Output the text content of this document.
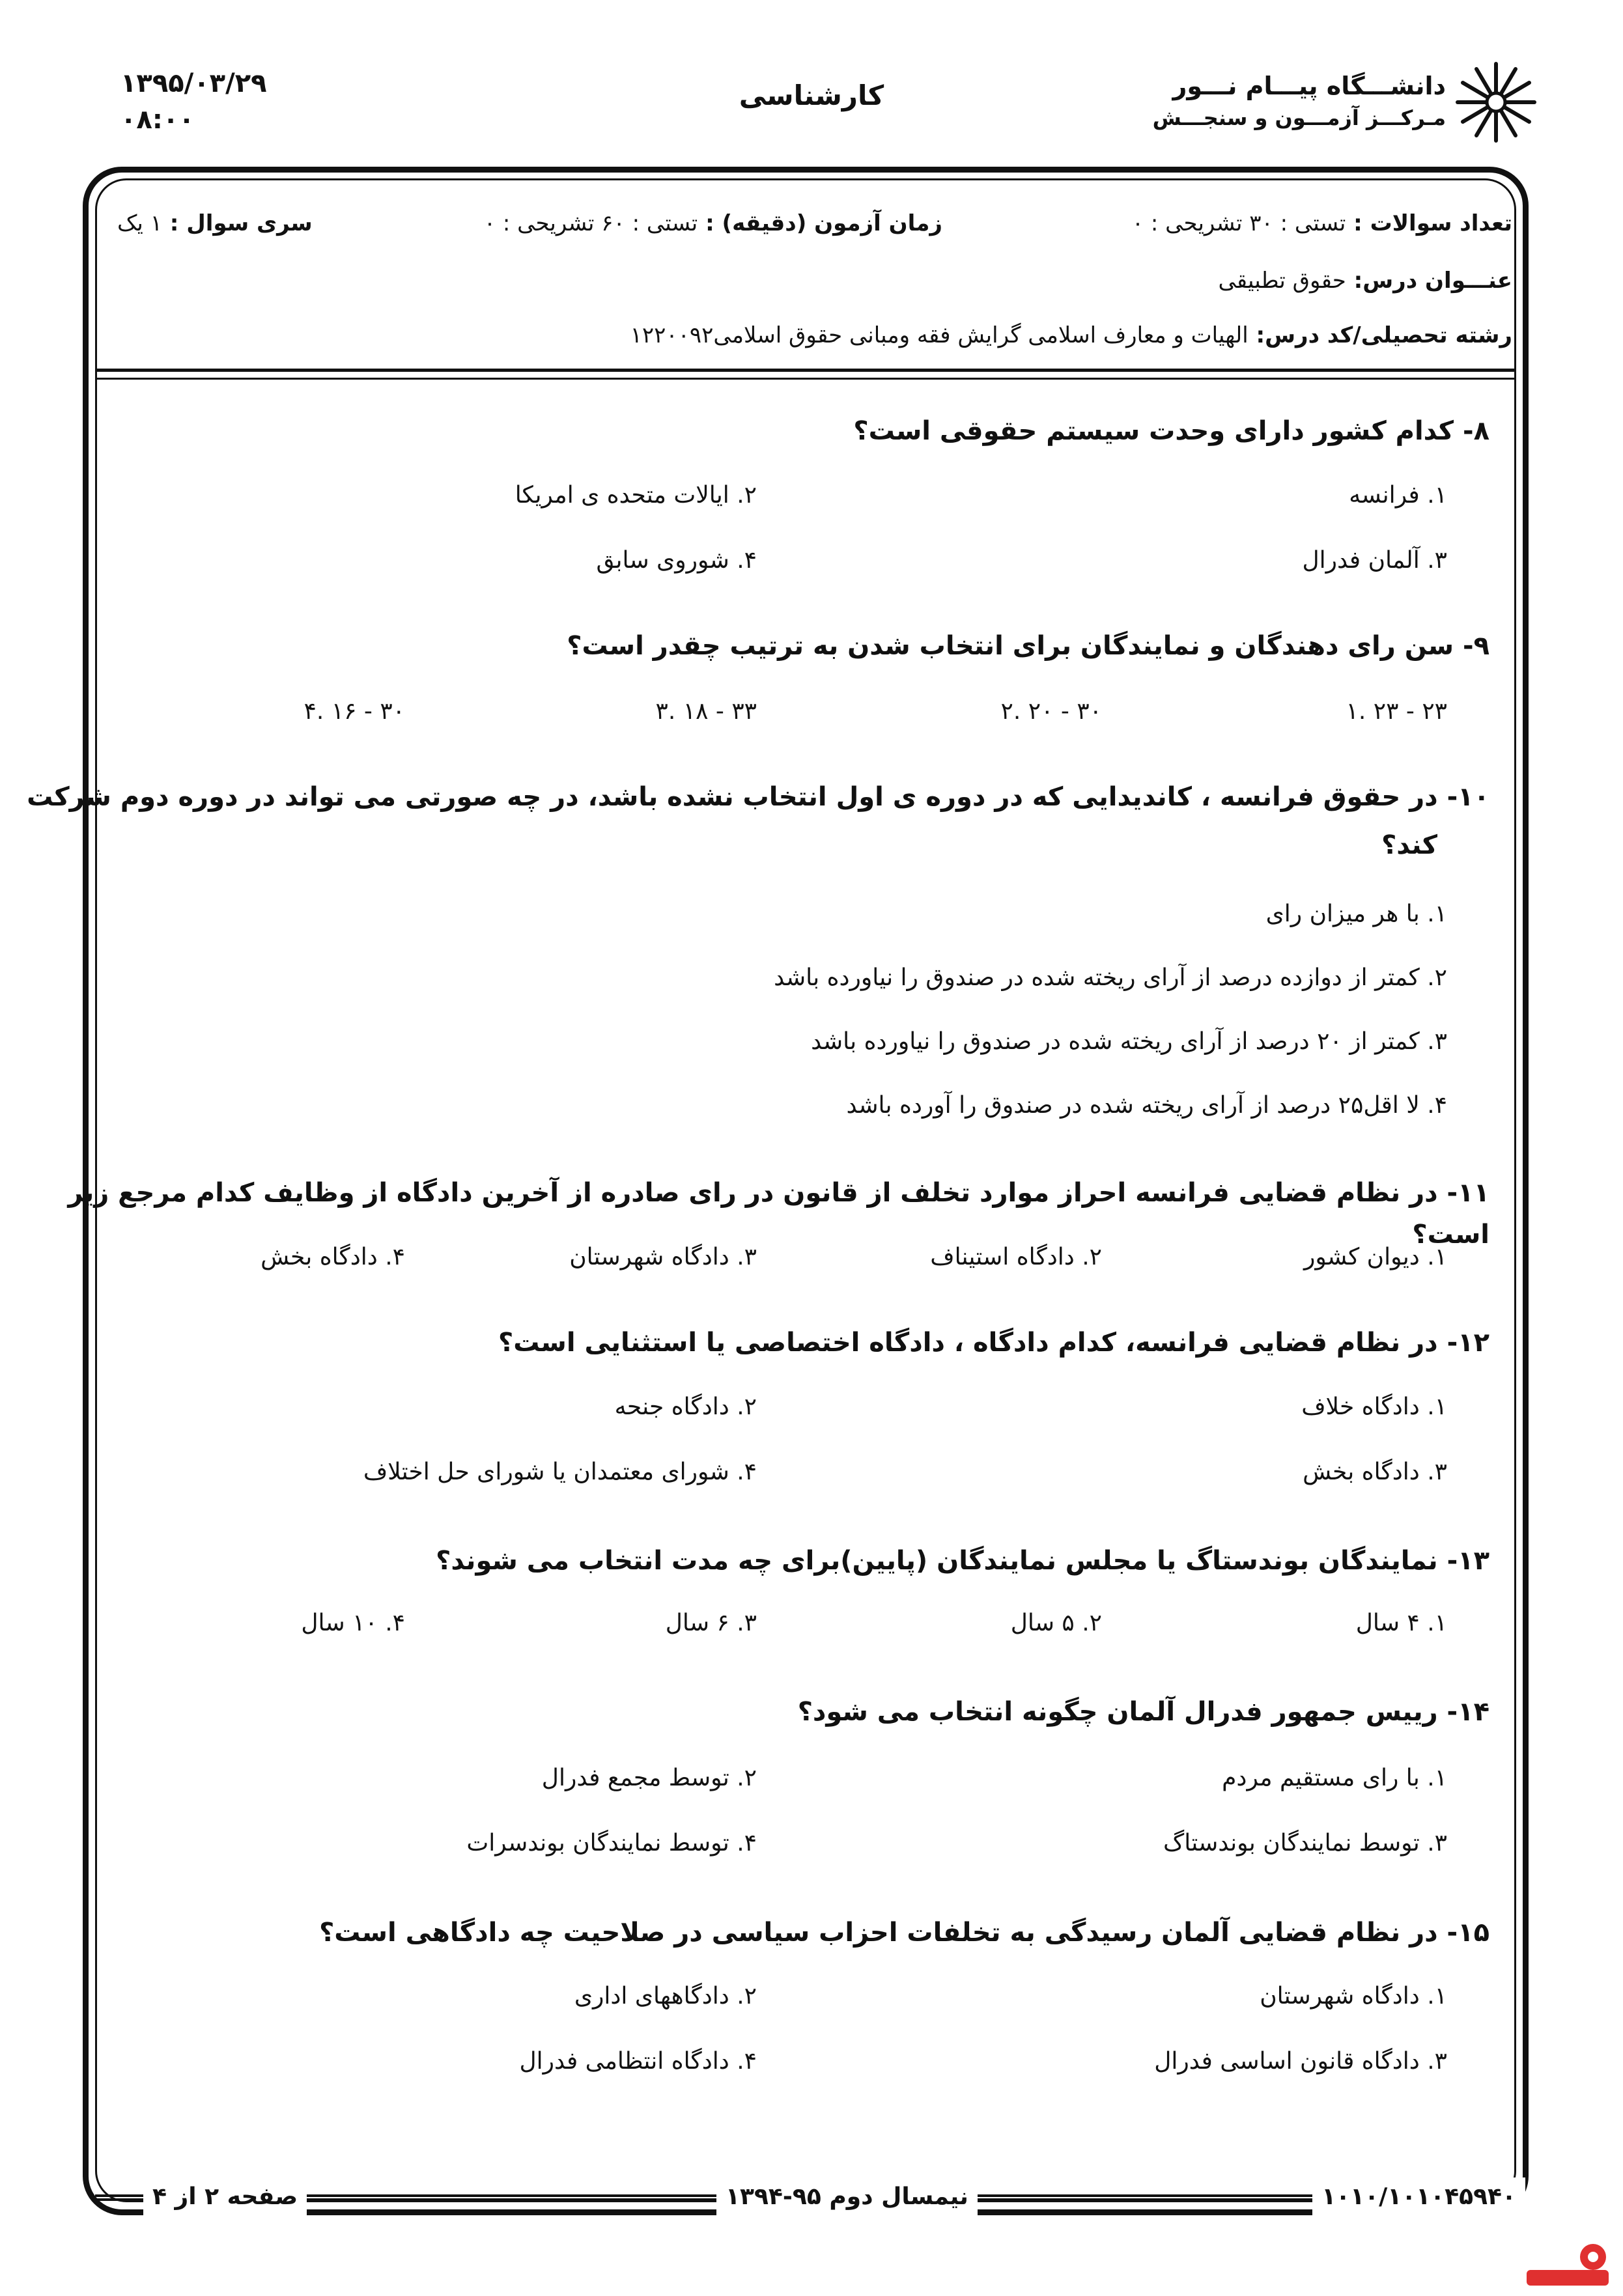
۱۳۹۵/۰۳/۲۹
۰۸:۰۰
کارشناسی	دانشـــگاه پیـــام نـــور
مـرکـــز آزمـــون و سنجـــش
تعداد سوالات : تستی : ۳۰ تشریحی : ۰
زمان آزمون (دقیقه) : تستی : ۶۰ تشریحی : ۰
سری سوال : ۱ یک
عنـــوان درس: حقوق تطبیقی
رشته تحصیلی/کد درس: الهیات و معارف اسلامی گرایش فقه ومبانی حقوق اسلامی۱۲۲۰۰۹۲
۸- کدام کشور دارای وحدت سیستم حقوقی است؟
۱. فرانسه
۲. ایالات متحده ی امریکا
۳. آلمان فدرال
۴. شوروی سابق
۹- سن رای دهندگان و نمایندگان برای انتخاب شدن به ترتیب چقدر است؟
۱. ۲۳ - ۲۳
۲. ۲۰ - ۳۰
۳. ۱۸ - ۳۳
۴. ۱۶ - ۳۰
۱۰- در حقوق فرانسه ، کاندیدایی که در دوره ی اول انتخاب نشده باشد، در چه صورتی می تواند در دوره دوم شرکت
کند؟
۱. با هر میزان رای
۲. کمتر از دوازده درصد از آرای ریخته شده در صندوق را نیاورده باشد
۳. کمتر از ۲۰ درصد از آرای ریخته شده در صندوق را نیاورده باشد
۴. لا اقل۲۵ درصد از آرای ریخته شده در صندوق را آورده باشد
۱۱- در نظام قضایی فرانسه احراز موارد تخلف از قانون در رای صادره از آخرین دادگاه از وظایف کدام مرجع زیر است؟
۱. دیوان کشور
۲. دادگاه استیناف
۳. دادگاه شهرستان
۴. دادگاه بخش
۱۲- در نظام قضایی فرانسه، کدام دادگاه ، دادگاه اختصاصی یا استثنایی است؟
۱. دادگاه خلاف
۲. دادگاه جنحه
۳. دادگاه بخش
۴. شورای معتمدان یا شورای حل اختلاف
۱۳- نمایندگان بوندستاگ یا مجلس نمایندگان (پایین)برای چه مدت انتخاب می شوند؟
۱. ۴ سال
۲. ۵ سال
۳. ۶ سال
۴. ۱۰ سال
۱۴- رییس جمهور فدرال آلمان چگونه انتخاب می شود؟
۱. با رای مستقیم مردم
۲. توسط مجمع فدرال
۳. توسط نمایندگان بوندستاگ
۴. توسط نمایندگان بوندسرات
۱۵- در نظام قضایی آلمان رسیدگی به تخلفات احزاب سیاسی در صلاحیت چه دادگاهی است؟
۱. دادگاه شهرستان
۲. دادگاههای اداری
۳. دادگاه قانون اساسی فدرال
۴. دادگاه انتظامی فدرال
صفحه ۲ از ۴	نیمسال دوم ۹۵-۱۳۹۴	۱۰۱۰/۱۰۱۰۴۵۹۴۰
